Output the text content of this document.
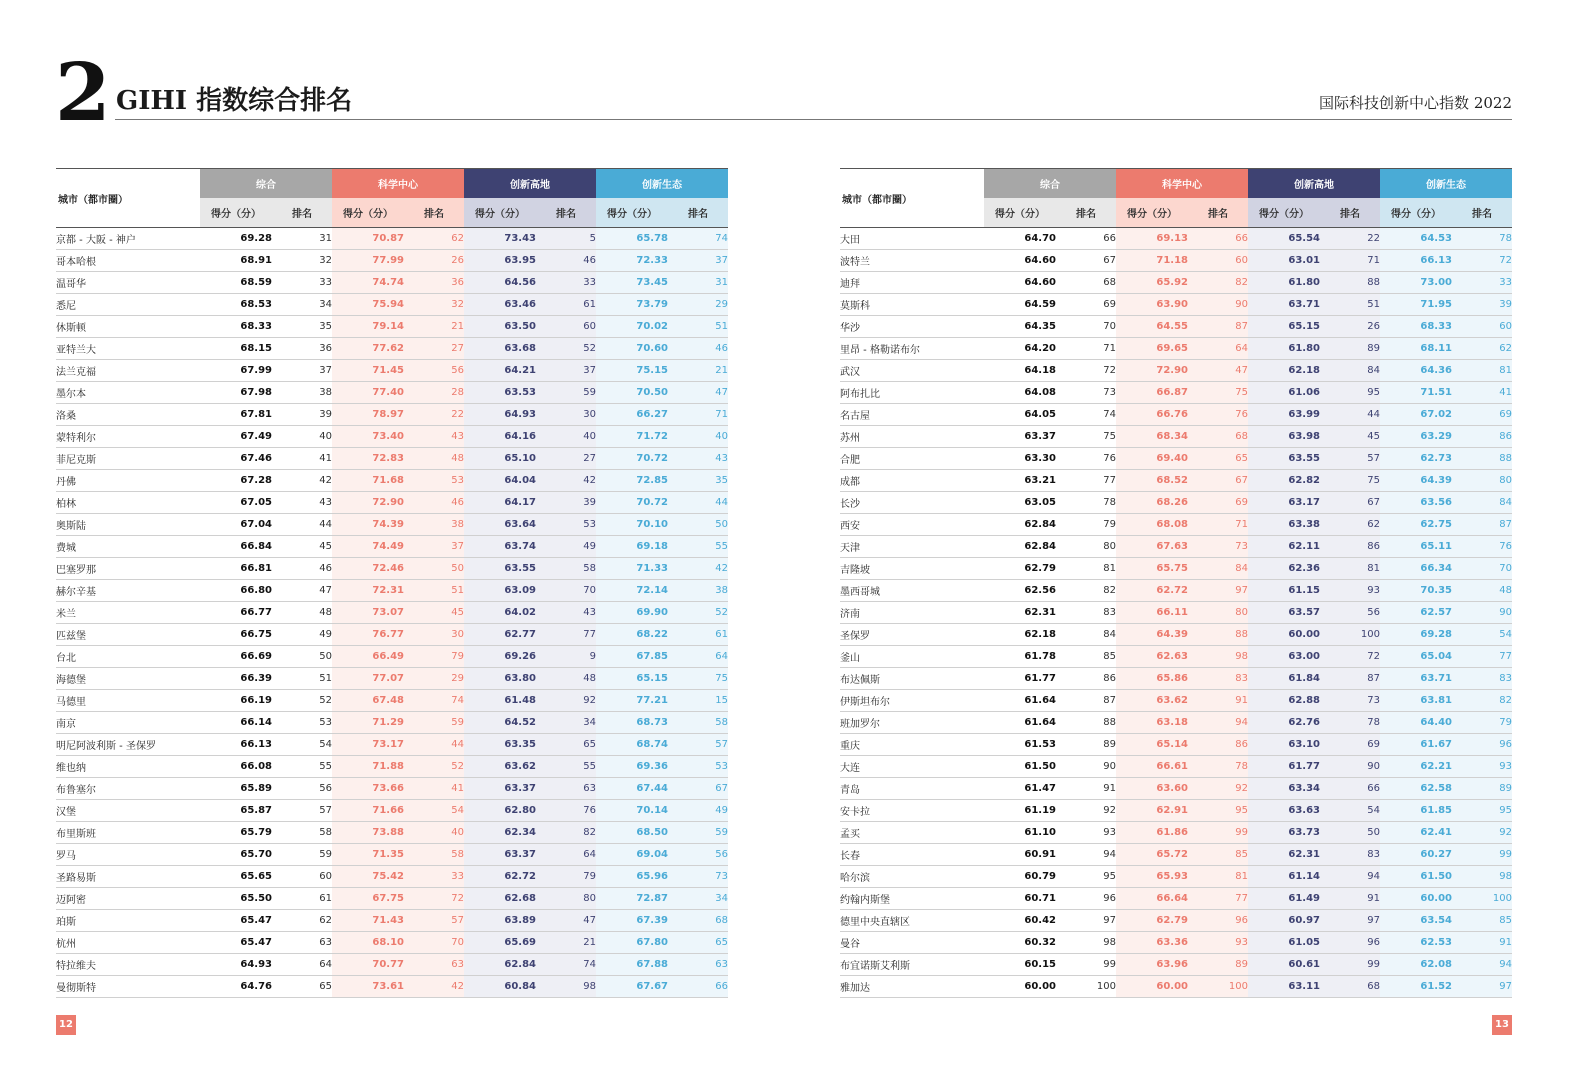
2 GIHI 指数综合排名	国际科技创新中心指数 2022
城市（都市圈）	综合		科学中心		创新高地		创新生态	
	得分（分）	排名	得分（分）	排名	得分（分）	排名	得分（分）	排名
京都 - 大阪 - 神户	69.28	31	70.87	62	73.43	5	65.78	74
哥本哈根	68.91	32	77.99	26	63.95	46	72.33	37
温哥华	68.59	33	74.74	36	64.56	33	73.45	31
悉尼	68.53	34	75.94	32	63.46	61	73.79	29
休斯顿	68.33	35	79.14	21	63.50	60	70.02	51
亚特兰大	68.15	36	77.62	27	63.68	52	70.60	46
法兰克福	67.99	37	71.45	56	64.21	37	75.15	21
墨尔本	67.98	38	77.40	28	63.53	59	70.50	47
洛桑	67.81	39	78.97	22	64.93	30	66.27	71
蒙特利尔	67.49	40	73.40	43	64.16	40	71.72	40
菲尼克斯	67.46	41	72.83	48	65.10	27	70.72	43
丹佛	67.28	42	71.68	53	64.04	42	72.85	35
柏林	67.05	43	72.90	46	64.17	39	70.72	44
奥斯陆	67.04	44	74.39	38	63.64	53	70.10	50
费城	66.84	45	74.49	37	63.74	49	69.18	55
巴塞罗那	66.81	46	72.46	50	63.55	58	71.33	42
赫尔辛基	66.80	47	72.31	51	63.09	70	72.14	38
米兰	66.77	48	73.07	45	64.02	43	69.90	52
匹兹堡	66.75	49	76.77	30	62.77	77	68.22	61
台北	66.69	50	66.49	79	69.26	9	67.85	64
海德堡	66.39	51	77.07	29	63.80	48	65.15	75
马德里	66.19	52	67.48	74	61.48	92	77.21	15
南京	66.14	53	71.29	59	64.52	34	68.73	58
明尼阿波利斯 - 圣保罗	66.13	54	73.17	44	63.35	65	68.74	57
维也纳	66.08	55	71.88	52	63.62	55	69.36	53
布鲁塞尔	65.89	56	73.66	41	63.37	63	67.44	67
汉堡	65.87	57	71.66	54	62.80	76	70.14	49
布里斯班	65.79	58	73.88	40	62.34	82	68.50	59
罗马	65.70	59	71.35	58	63.37	64	69.04	56
圣路易斯	65.65	60	75.42	33	62.72	79	65.96	73
迈阿密	65.50	61	67.75	72	62.68	80	72.87	34
珀斯	65.47	62	71.43	57	63.89	47	67.39	68
杭州	65.47	63	68.10	70	65.69	21	67.80	65
特拉维夫	64.93	64	70.77	63	62.84	74	67.88	63
曼彻斯特	64.76	65	73.61	42	60.84	98	67.67	66
城市（都市圈）	综合		科学中心		创新高地		创新生态	
	得分（分）	排名	得分（分）	排名	得分（分）	排名	得分（分）	排名
大田	64.70	66	69.13	66	65.54	22	64.53	78
波特兰	64.60	67	71.18	60	63.01	71	66.13	72
迪拜	64.60	68	65.92	82	61.80	88	73.00	33
莫斯科	64.59	69	63.90	90	63.71	51	71.95	39
华沙	64.35	70	64.55	87	65.15	26	68.33	60
里昂 - 格勒诺布尔	64.20	71	69.65	64	61.80	89	68.11	62
武汉	64.18	72	72.90	47	62.18	84	64.36	81
阿布扎比	64.08	73	66.87	75	61.06	95	71.51	41
名古屋	64.05	74	66.76	76	63.99	44	67.02	69
苏州	63.37	75	68.34	68	63.98	45	63.29	86
合肥	63.30	76	69.40	65	63.55	57	62.73	88
成都	63.21	77	68.52	67	62.82	75	64.39	80
长沙	63.05	78	68.26	69	63.17	67	63.56	84
西安	62.84	79	68.08	71	63.38	62	62.75	87
天津	62.84	80	67.63	73	62.11	86	65.11	76
吉隆坡	62.79	81	65.75	84	62.36	81	66.34	70
墨西哥城	62.56	82	62.72	97	61.15	93	70.35	48
济南	62.31	83	66.11	80	63.57	56	62.57	90
圣保罗	62.18	84	64.39	88	60.00	100	69.28	54
釜山	61.78	85	62.63	98	63.00	72	65.04	77
布达佩斯	61.77	86	65.86	83	61.84	87	63.71	83
伊斯坦布尔	61.64	87	63.62	91	62.88	73	63.81	82
班加罗尔	61.64	88	63.18	94	62.76	78	64.40	79
重庆	61.53	89	65.14	86	63.10	69	61.67	96
大连	61.50	90	66.61	78	61.77	90	62.21	93
青岛	61.47	91	63.60	92	63.34	66	62.58	89
安卡拉	61.19	92	62.91	95	63.63	54	61.85	95
孟买	61.10	93	61.86	99	63.73	50	62.41	92
长春	60.91	94	65.72	85	62.31	83	60.27	99
哈尔滨	60.79	95	65.93	81	61.14	94	61.50	98
约翰内斯堡	60.71	96	66.64	77	61.49	91	60.00	100
德里中央直辖区	60.42	97	62.79	96	60.97	97	63.54	85
曼谷	60.32	98	63.36	93	61.05	96	62.53	91
布宜诺斯艾利斯	60.15	99	63.96	89	60.61	99	62.08	94
雅加达	60.00	100	60.00	100	63.11	68	61.52	97
12	13
